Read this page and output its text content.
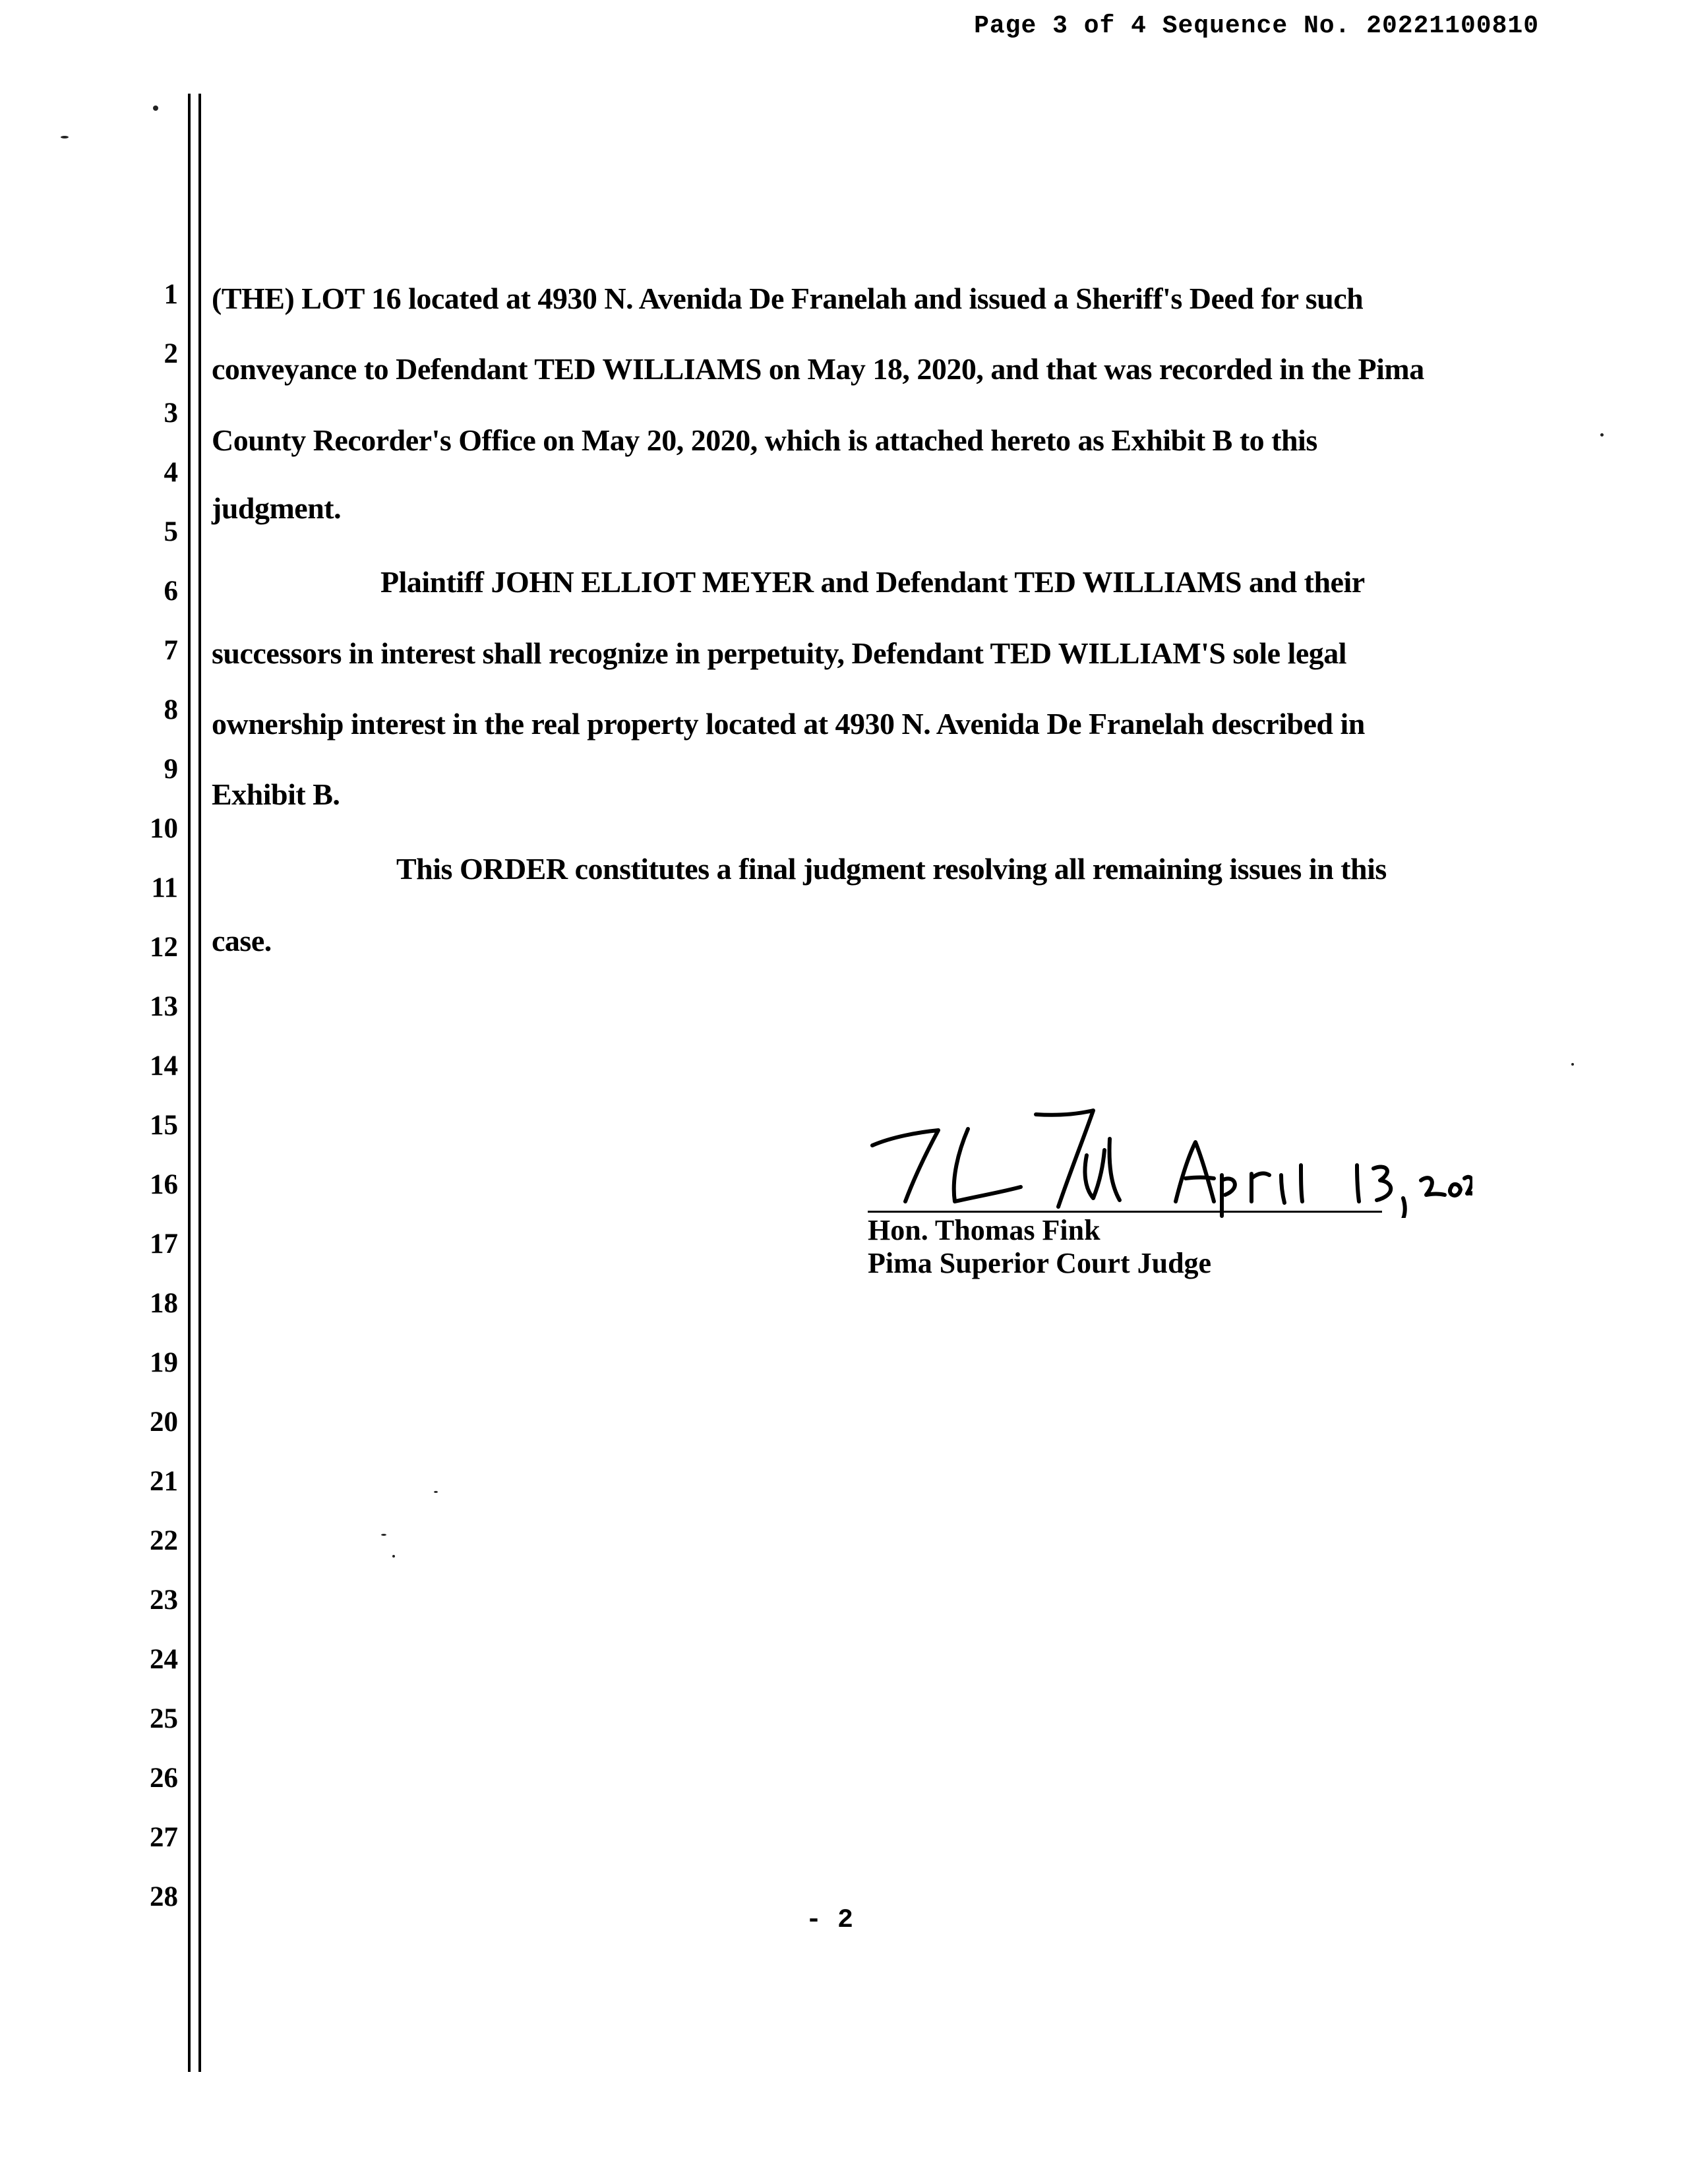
Page 3 of 4 Sequence No. 20221100810
1
2
3
4
5
6
7
8
9
10
11
12
13
14
15
16
17
18
19
20
21
22
23
24
25
26
27
28
(THE) LOT 16 located at 4930 N. Avenida De Franelah and issued a Sheriff's Deed for such
conveyance to Defendant TED WILLIAMS on May 18, 2020, and that was recorded in the Pima
County Recorder's Office on May 20, 2020, which is attached hereto as Exhibit B to this
judgment.
Plaintiff JOHN ELLIOT MEYER and Defendant TED WILLIAMS and their
successors in interest shall recognize in perpetuity, Defendant TED WILLIAM'S sole legal
ownership interest in the real property located at 4930 N. Avenida De Franelah described in
Exhibit B.
This ORDER constitutes a final judgment resolving all remaining issues in this
case.
Hon. Thomas Fink
Pima Superior Court Judge
- 2
